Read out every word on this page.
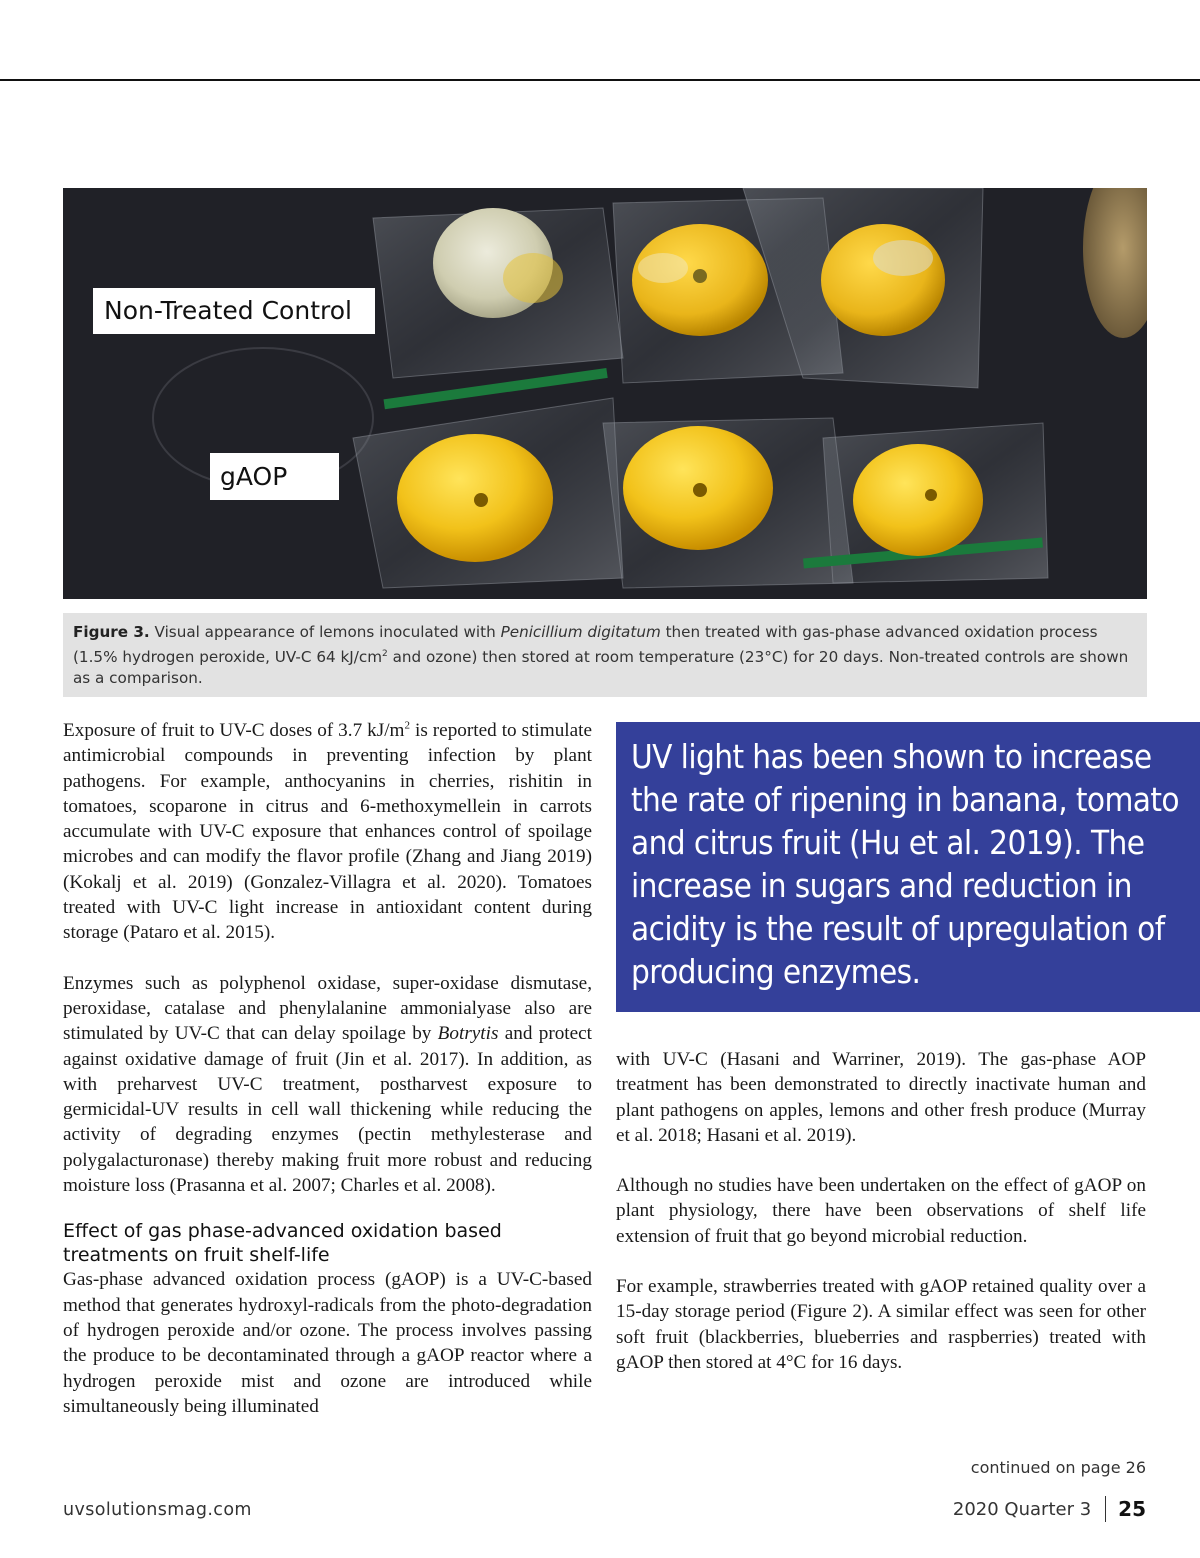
Non-Treated Control
gAOP
Figure 3. Visual appearance of lemons inoculated with Penicillium digitatum then treated with gas-phase advanced oxidation process (1.5% hydrogen peroxide, UV-C 64 $kJ/cm^2$ and ozone) then stored at room temperature (23°C) for 20 days. Non-treated controls are shown as a comparison.

Exposure of fruit to UV-C doses of 3.7 $kJ/m^2$ is reported to stimulate antimicrobial compounds in preventing infection by plant pathogens. For example, anthocyanins in cherries, rishitin in tomatoes, scoparone in citrus and 6-methoxymellein in carrots accumulate with UV-C exposure that enhances control of spoilage microbes and can modify the flavor profile (Zhang and Jiang 2019) (Kokalj et al. 2019) (Gonzalez-Villagra et al. 2020). Tomatoes treated with UV-C light increase in antioxidant content during storage (Pataro et al. 2015).

Enzymes such as polyphenol oxidase, super-oxidase dismutase, peroxidase, catalase and phenylalanine ammonialyase also are stimulated by UV-C that can delay spoilage by Botrytis and protect against oxidative damage of fruit (Jin et al. 2017). In addition, as with preharvest UV-C treatment, postharvest exposure to germicidal-UV results in cell wall thickening while reducing the activity of degrading enzymes (pectin methylesterase and polygalacturonase) thereby making fruit more robust and reducing moisture loss (Prasanna et al. 2007; Charles et al. 2008).

Effect of gas phase-advanced oxidation based treatments on fruit shelf-life

Gas-phase advanced oxidation process (gAOP) is a UV-C-based method that generates hydroxyl-radicals from the photo-degradation of hydrogen peroxide and/or ozone. The process involves passing the produce to be decontaminated through a gAOP reactor where a hydrogen peroxide mist and ozone are introduced while simultaneously being illuminated

UV light has been shown to increase the rate of ripening in banana, tomato and citrus fruit (Hu et al. 2019). The increase in sugars and reduction in acidity is the result of upregulation of producing enzymes.

with UV-C (Hasani and Warriner, 2019). The gas-phase AOP treatment has been demonstrated to directly inactivate human and plant pathogens on apples, lemons and other fresh produce (Murray et al. 2018; Hasani et al. 2019).

Although no studies have been undertaken on the effect of gAOP on plant physiology, there have been observations of shelf life extension of fruit that go beyond microbial reduction.

For example, strawberries treated with gAOP retained quality over a 15-day storage period (Figure 2). A similar effect was seen for other soft fruit (blackberries, blueberries and raspberries) treated with gAOP then stored at 4°C for 16 days.

continued on page 26
uvsolutionsmag.com	2020 Quarter 3 25
